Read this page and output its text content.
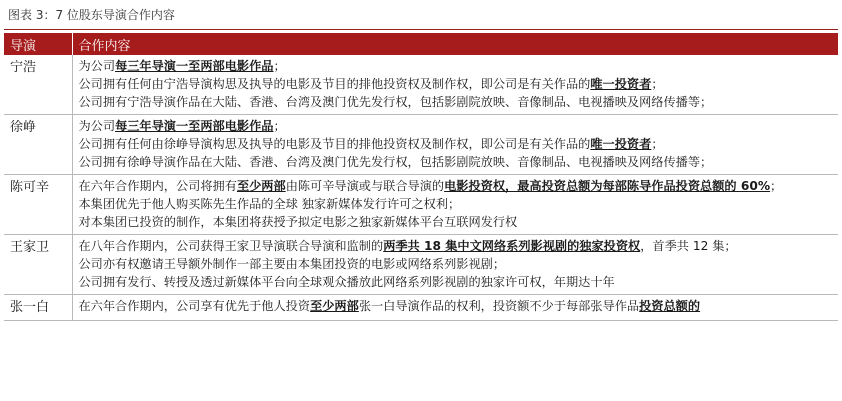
图表 3：7 位股东导演合作内容
导演	合作内容
宁浩	为公司每三年导演一至两部电影作品；
公司拥有任何由宁浩导演构思及执导的电影及节目的排他投资权及制作权，即公司是有关作品的唯一投资者；
公司拥有宁浩导演作品在大陆、香港、台湾及澳门优先发行权，包括影剧院放映、音像制品、电视播映及网络传播等；

徐峥	为公司每三年导演一至两部电影作品；
公司拥有任何由徐峥导演构思及执导的电影及节目的排他投资权及制作权，即公司是有关作品的唯一投资者；
公司拥有徐峥导演作品在大陆、香港、台湾及澳门优先发行权，包括影剧院放映、音像制品、电视播映及网络传播等；

陈可辛	在六年合作期内，公司将拥有至少两部由陈可辛导演或与联合导演的电影投资权，最高投资总额为每部陈导作品投资总额的 60%；
本集团优先于他人购买陈先生作品的全球 独家新媒体发行许可之权利；
对本集团已投资的制作，本集团将获授予拟定电影之独家新媒体平台互联网发行权

王家卫	在八年合作期内，公司获得王家卫导演联合导演和监制的两季共 18 集中文网络系列影视剧的独家投资权，首季共 12 集；
公司亦有权邀请王导额外制作一部主要由本集团投资的电影或网络系列影视剧；
公司拥有发行、转授及透过新媒体平台向全球观众播放此网络系列影视剧的独家许可权，年期达十年

张一白	在六年合作期内，公司享有优先于他人投资至少两部张一白导演作品的权利，投资额不少于每部张导作品投资总额的
